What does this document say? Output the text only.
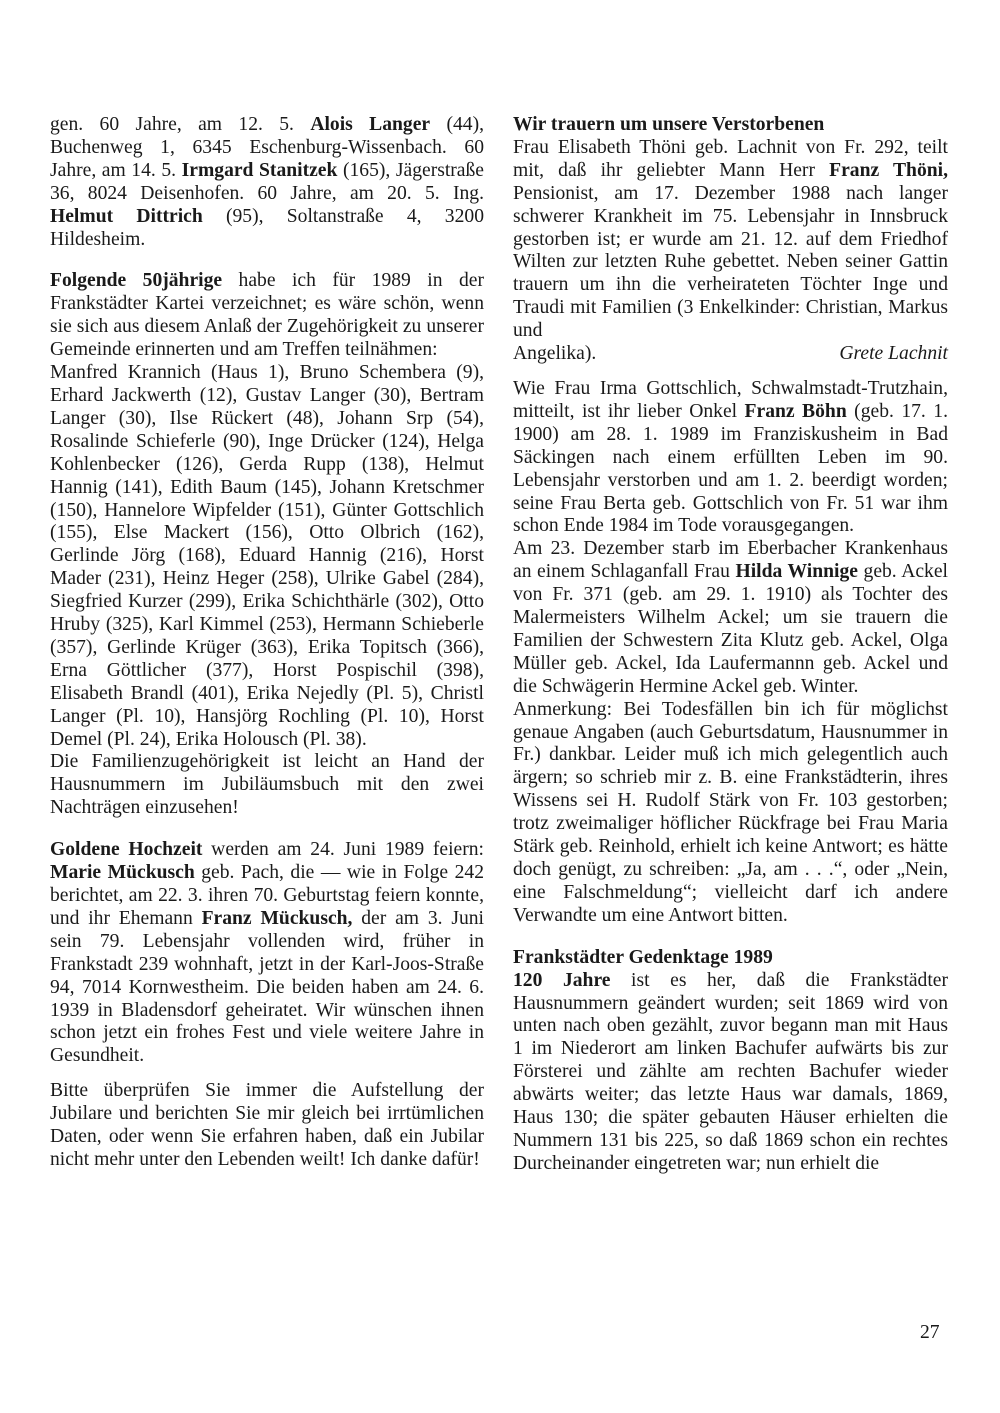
gen. 60 Jahre, am 12. 5. Alois Langer (44), Buchenweg 1, 6345 Eschenburg-Wissenbach. 60 Jahre, am 14. 5. Irmgard Stanitzek (165), Jägerstraße 36, 8024 Deisenhofen. 60 Jahre, am 20. 5. Ing. Helmut Dittrich (95), Soltanstraße 4, 3200 Hildesheim.

Folgende 50jährige habe ich für 1989 in der Frankstädter Kartei verzeichnet; es wäre schön, wenn sie sich aus diesem Anlaß der Zugehörigkeit zu unserer Gemeinde erinnerten und am Treffen teilnähmen:

Manfred Krannich (Haus 1), Bruno Schembera (9), Erhard Jackwerth (12), Gustav Langer (30), Bertram Langer (30), Ilse Rückert (48), Johann Srp (54), Rosalinde Schieferle (90), Inge Drücker (124), Helga Kohlenbecker (126), Gerda Rupp (138), Helmut Hannig (141), Edith Baum (145), Johann Kretschmer (150), Hannelore Wipfelder (151), Günter Gottschlich (155), Else Mackert (156), Otto Olbrich (162), Gerlinde Jörg (168), Eduard Hannig (216), Horst Mader (231), Heinz Heger (258), Ulrike Gabel (284), Siegfried Kurzer (299), Erika Schichthärle (302), Otto Hruby (325), Karl Kimmel (253), Hermann Schieberle (357), Gerlinde Krüger (363), Erika Topitsch (366), Erna Göttlicher (377), Horst Pospischil (398), Elisabeth Brandl (401), Erika Nejedly (Pl. 5), Christl Langer (Pl. 10), Hansjörg Rochling (Pl. 10), Horst Demel (Pl. 24), Erika Holousch (Pl. 38).

Die Familienzugehörigkeit ist leicht an Hand der Hausnummern im Jubiläumsbuch mit den zwei Nachträgen einzusehen!

Goldene Hochzeit werden am 24. Juni 1989 feiern: Marie Mückusch geb. Pach, die — wie in Folge 242 berichtet, am 22. 3. ihren 70. Geburtstag feiern konnte, und ihr Ehemann Franz Mückusch, der am 3. Juni sein 79. Lebensjahr vollenden wird, früher in Frankstadt 239 wohnhaft, jetzt in der Karl-Joos-Straße 94, 7014 Kornwestheim. Die beiden haben am 24. 6. 1939 in Bladensdorf geheiratet. Wir wünschen ihnen schon jetzt ein frohes Fest und viele weitere Jahre in Gesundheit.

Bitte überprüfen Sie immer die Aufstellung der Jubilare und berichten Sie mir gleich bei irrtümlichen Daten, oder wenn Sie erfahren haben, daß ein Jubilar nicht mehr unter den Lebenden weilt! Ich danke dafür!

Wir trauern um unsere Verstorbenen

Frau Elisabeth Thöni geb. Lachnit von Fr. 292, teilt mit, daß ihr geliebter Mann Herr Franz Thöni, Pensionist, am 17. Dezember 1988 nach langer schwerer Krankheit im 75. Lebensjahr in Innsbruck gestorben ist; er wurde am 21. 12. auf dem Friedhof Wilten zur letzten Ruhe gebettet. Neben seiner Gattin trauern um ihn die verheirateten Töchter Inge und Traudi mit Familien (3 Enkelkinder: Christian, Markus und

Angelika).	Grete Lachnit

Wie Frau Irma Gottschlich, Schwalmstadt-Trutzhain, mitteilt, ist ihr lieber Onkel Franz Böhn (geb. 17. 1. 1900) am 28. 1. 1989 im Franziskusheim in Bad Säckingen nach einem erfüllten Leben im 90. Lebensjahr verstorben und am 1. 2. beerdigt worden; seine Frau Berta geb. Gottschlich von Fr. 51 war ihm schon Ende 1984 im Tode vorausgegangen.

Am 23. Dezember starb im Eberbacher Krankenhaus an einem Schlaganfall Frau Hilda Winnige geb. Ackel von Fr. 371 (geb. am 29. 1. 1910) als Tochter des Malermeisters Wilhelm Ackel; um sie trauern die Familien der Schwestern Zita Klutz geb. Ackel, Olga Müller geb. Ackel, Ida Laufermannn geb. Ackel und die Schwägerin Hermine Ackel geb. Winter.

Anmerkung: Bei Todesfällen bin ich für möglichst genaue Angaben (auch Geburtsdatum, Hausnummer in Fr.) dankbar. Leider muß ich mich gelegentlich auch ärgern; so schrieb mir z. B. eine Frankstädterin, ihres Wissens sei H. Rudolf Stärk von Fr. 103 gestorben; trotz zweimaliger höflicher Rückfrage bei Frau Maria Stärk geb. Reinhold, erhielt ich keine Antwort; es hätte doch genügt, zu schreiben: „Ja, am . . .“, oder „Nein, eine Falschmeldung“; vielleicht darf ich andere Verwandte um eine Antwort bitten.

Frankstädter Gedenktage 1989

120 Jahre ist es her, daß die Frankstädter Hausnummern geändert wurden; seit 1869 wird von unten nach oben gezählt, zuvor begann man mit Haus 1 im Niederort am linken Bachufer aufwärts bis zur Försterei und zählte am rechten Bachufer wieder abwärts weiter; das letzte Haus war damals, 1869, Haus 130; die später gebauten Häuser erhielten die Nummern 131 bis 225, so daß 1869 schon ein rechtes Durcheinander eingetreten war; nun erhielt die

27
